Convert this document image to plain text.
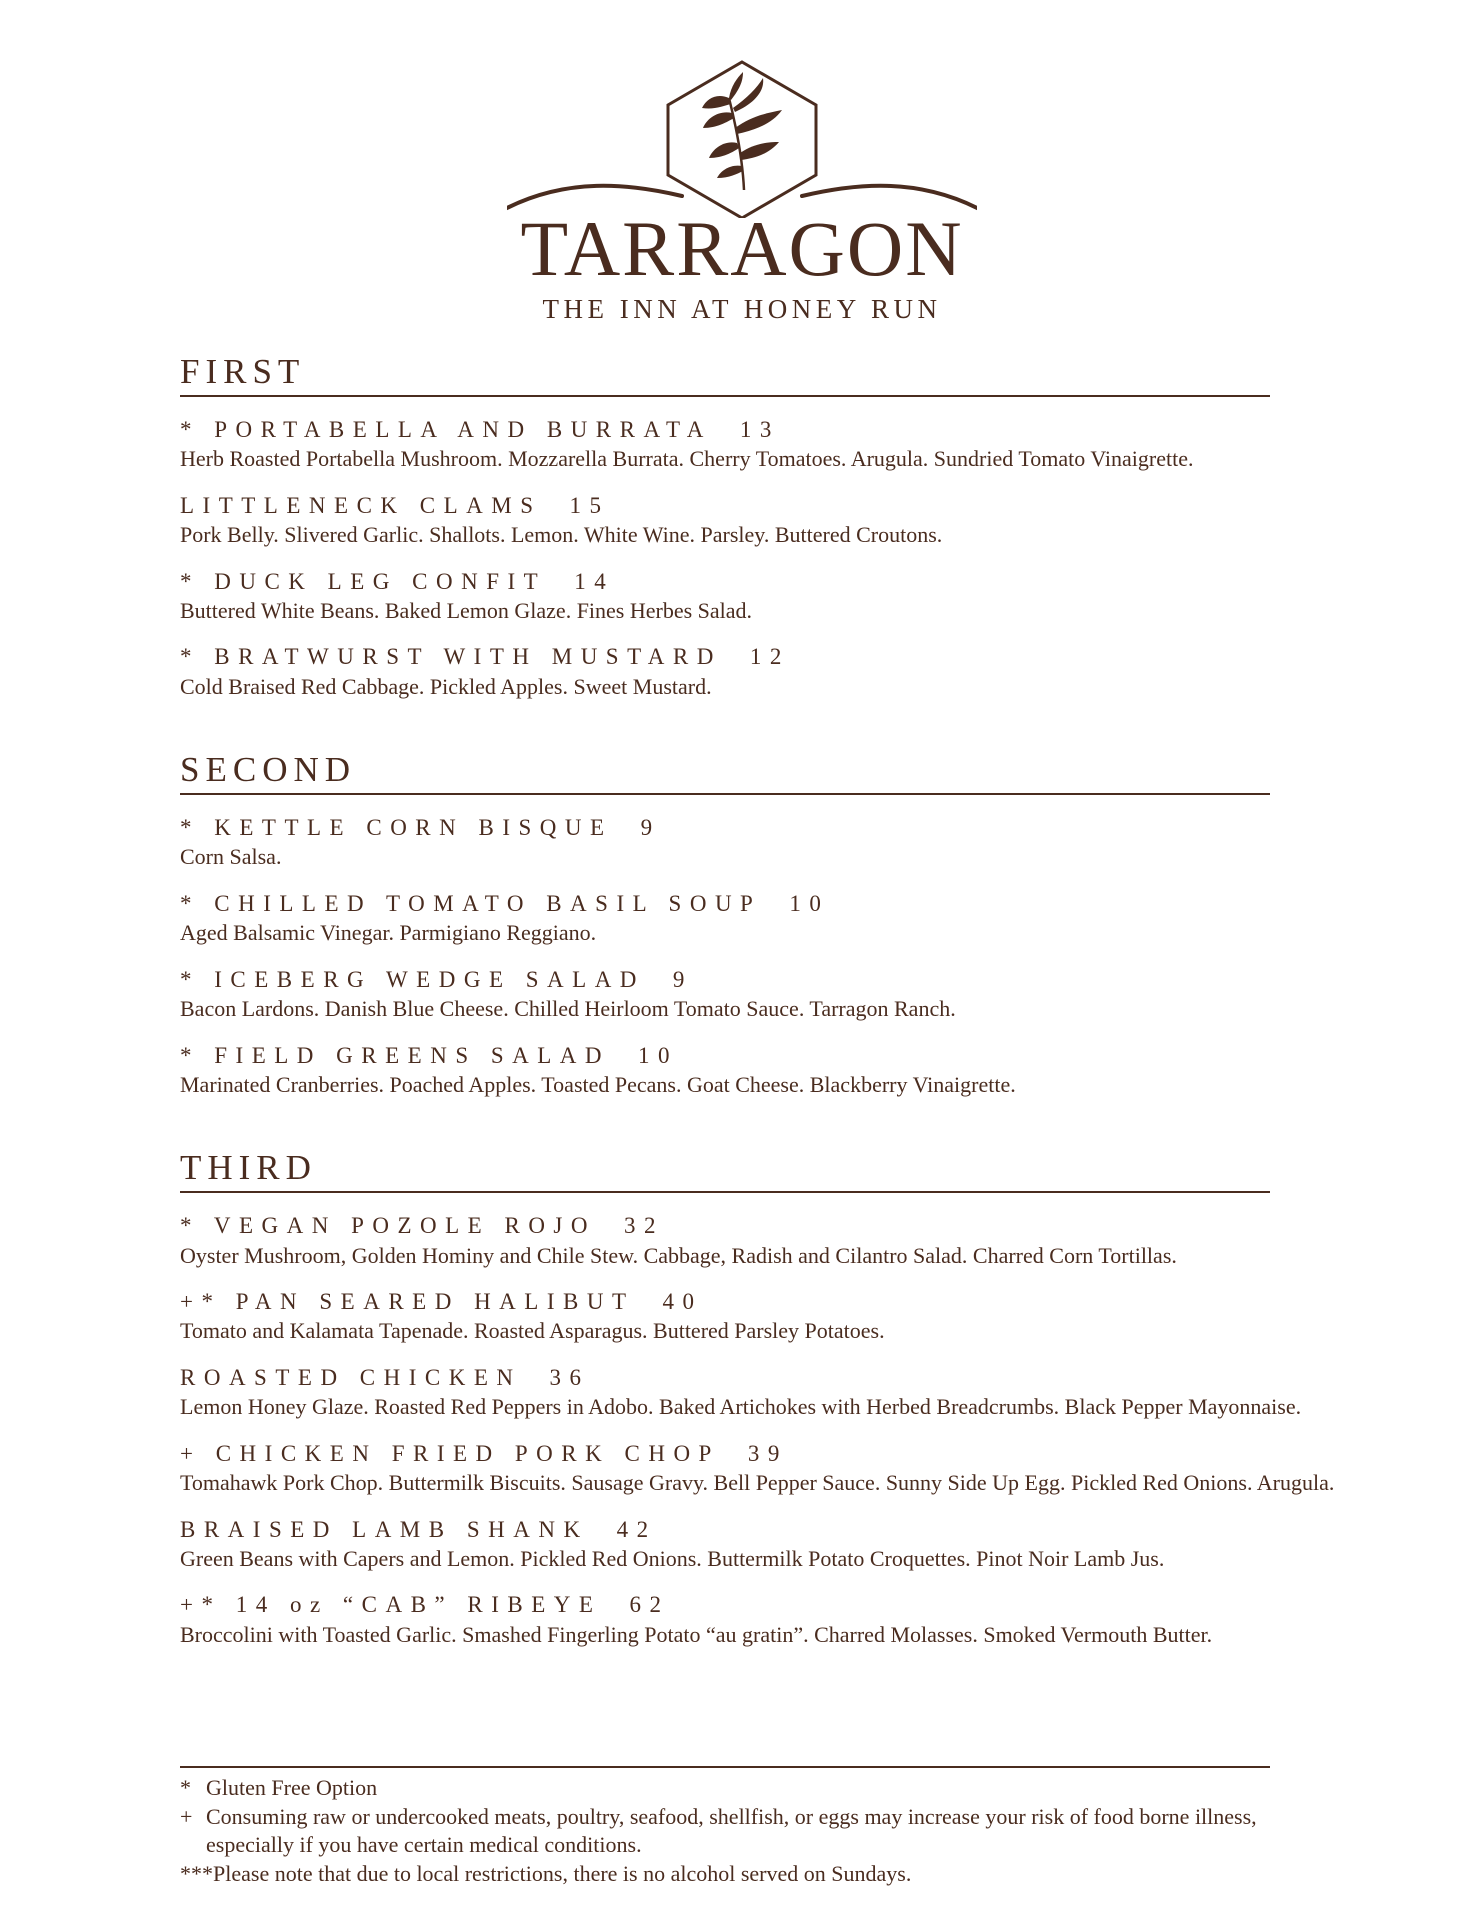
TARRAGON
THE INN AT HONEY RUN
FIRST
* PORTABELLA AND BURRATA 13
Herb Roasted Portabella Mushroom. Mozzarella Burrata. Cherry Tomatoes. Arugula. Sundried Tomato Vinaigrette.
LITTLENECK CLAMS 15
Pork Belly. Slivered Garlic. Shallots. Lemon. White Wine. Parsley. Buttered Croutons.
* DUCK LEG CONFIT 14
Buttered White Beans. Baked Lemon Glaze. Fines Herbes Salad.
* BRATWURST WITH MUSTARD 12
Cold Braised Red Cabbage. Pickled Apples. Sweet Mustard.
SECOND
* KETTLE CORN BISQUE 9
Corn Salsa.
* CHILLED TOMATO BASIL SOUP 10
Aged Balsamic Vinegar. Parmigiano Reggiano.
* ICEBERG WEDGE SALAD 9
Bacon Lardons. Danish Blue Cheese. Chilled Heirloom Tomato Sauce. Tarragon Ranch.
* FIELD GREENS SALAD 10
Marinated Cranberries. Poached Apples. Toasted Pecans. Goat Cheese. Blackberry Vinaigrette.
THIRD
* VEGAN POZOLE ROJO 32
Oyster Mushroom, Golden Hominy and Chile Stew. Cabbage, Radish and Cilantro Salad. Charred Corn Tortillas.
+* PAN SEARED HALIBUT 40
Tomato and Kalamata Tapenade. Roasted Asparagus. Buttered Parsley Potatoes.
ROASTED CHICKEN 36
Lemon Honey Glaze. Roasted Red Peppers in Adobo. Baked Artichokes with Herbed Breadcrumbs. Black Pepper Mayonnaise.
+ CHICKEN FRIED PORK CHOP 39
Tomahawk Pork Chop. Buttermilk Biscuits. Sausage Gravy. Bell Pepper Sauce. Sunny Side Up Egg. Pickled Red Onions. Arugula.
BRAISED LAMB SHANK 42
Green Beans with Capers and Lemon. Pickled Red Onions. Buttermilk Potato Croquettes. Pinot Noir Lamb Jus.
+* 14 oz “CAB” RIBEYE 62
Broccolini with Toasted Garlic. Smashed Fingerling Potato “au gratin”. Charred Molasses. Smoked Vermouth Butter.
* Gluten Free Option
+ Consuming raw or undercooked meats, poultry, seafood, shellfish, or eggs may increase your risk of food borne illness, especially if you have certain medical conditions.
***Please note that due to local restrictions, there is no alcohol served on Sundays.
